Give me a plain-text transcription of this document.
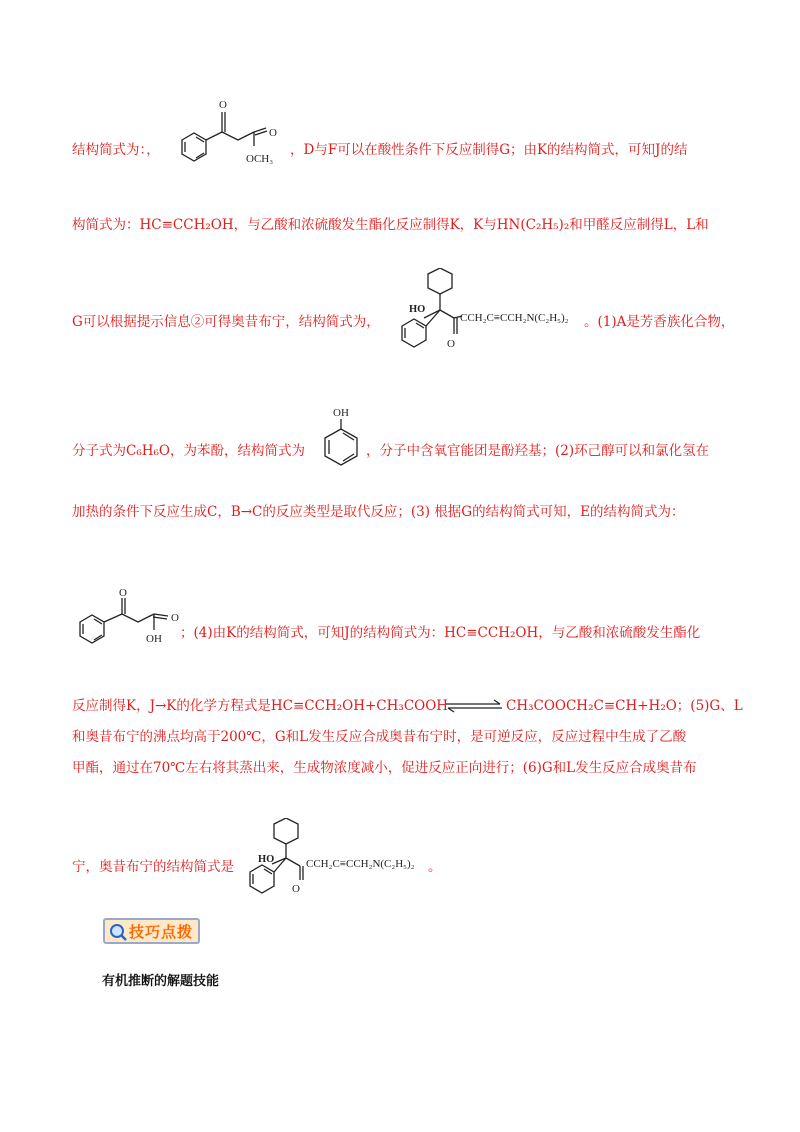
结构简式为：，
O
O
OCH₃
，D与F可以在酸性条件下反应制得G；由K的结构简式，可知J的结
构简式为：HC≡CCH₂OH，与乙酸和浓硫酸发生酯化反应制得K，K与HN(C₂H₅)₂和甲醛反应制得L，L和
G可以根据提示信息②可得奥昔布宁，结构简式为，
HO
O
CCH₂C≡CCH₂N(C₂H₅)₂ 。(1)A是芳香族化合物，
分子式为C₆H₆O，为苯酚，结构简式为
OH
，分子中含氧官能团是酚羟基；(2)环己醇可以和氯化氢在
加热的条件下反应生成C，B→C的反应类型是取代反应；(3) 根据G的结构简式可知，E的结构简式为：
O
O
OH ；(4)由K的结构简式，可知J的结构简式为：HC≡CCH₂OH，与乙酸和浓硫酸发生酯化
反应制得K，J→K的化学方程式是HC≡CCH₂OH+CH₃COOH	CH₃COOCH₂C≡CH+H₂O；(5)G、L
和奥昔布宁的沸点均高于200℃，G和L发生反应合成奥昔布宁时，是可逆反应，反应过程中生成了乙酸
甲酯，通过在70℃左右将其蒸出来，生成物浓度减小，促进反应正向进行；(6)G和L发生反应合成奥昔布
宁，奥昔布宁的结构简式是 HO
O
CCH₂C≡CCH₂N(C₂H₅)₂ 。
技巧点拨
有机推断的解题技能
